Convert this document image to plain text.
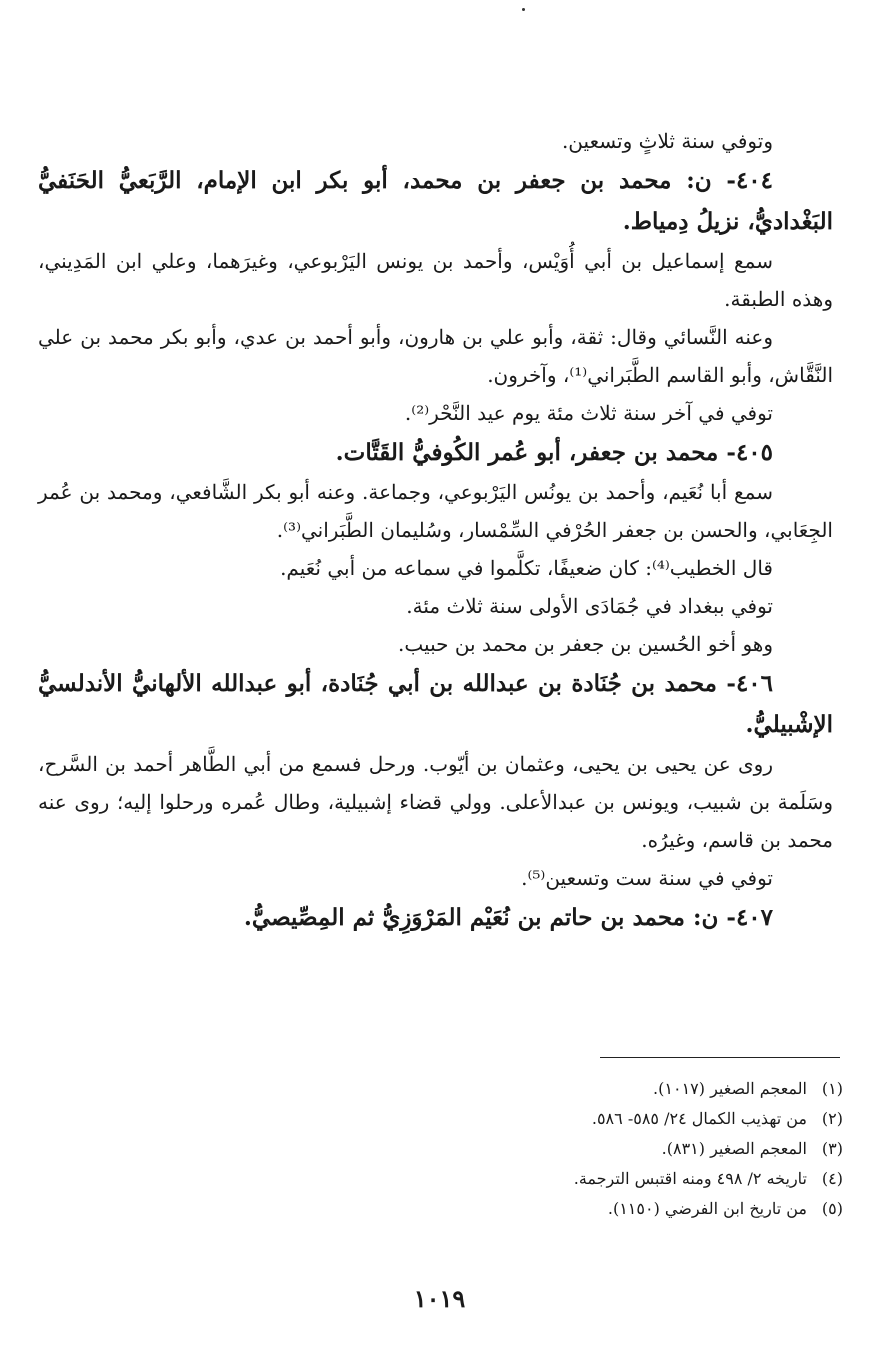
وتوفي سنة ثلاثٍ وتسعين.

٤٠٤- ن: محمد بن جعفر بن محمد، أبو بكر ابن الإمام، الرَّبَعيُّ الحَنَفيُّ البَغْداديُّ، نزيلُ دِمياط.

سمع إسماعيل بن أبي أُوَيْس، وأحمد بن يونس اليَرْبوعي، وغيرَهما، وعلي ابن المَدِيني، وهذه الطبقة.

وعنه النَّسائي وقال: ثقة، وأبو علي بن هارون، وأبو أحمد بن عدي، وأبو بكر محمد بن علي النَّقَّاش، وأبو القاسم الطَّبَراني⁽¹⁾، وآخرون.

توفي في آخر سنة ثلاث مئة يوم عيد النَّحْر⁽²⁾.

٤٠٥- محمد بن جعفر، أبو عُمر الكُوفيُّ القَتَّات.

سمع أبا نُعَيم، وأحمد بن يونُس اليَرْبوعي، وجماعة. وعنه أبو بكر الشَّافعي، ومحمد بن عُمر الجِعَابي، والحسن بن جعفر الحُرْفي السِّمْسار، وسُليمان الطَّبَراني⁽³⁾.

قال الخطيب⁽⁴⁾: كان ضعيفًا، تكلَّموا في سماعه من أبي نُعَيم.

توفي ببغداد في جُمَادَى الأولى سنة ثلاث مئة.

وهو أخو الحُسين بن جعفر بن محمد بن حبيب.

٤٠٦- محمد بن جُنَادة بن عبدالله بن أبي جُنَادة، أبو عبدالله الألهانيُّ الأندلسيُّ الإشْبيليُّ.

روى عن يحيى بن يحيى، وعثمان بن أيّوب. ورحل فسمع من أبي الطَّاهر أحمد بن السَّرح، وسَلَمة بن شبيب، ويونس بن عبدالأعلى. وولي قضاء إشبيلية، وطال عُمره ورحلوا إليه؛ روى عنه محمد بن قاسم، وغيرُه.

توفي في سنة ست وتسعين⁽⁵⁾.

٤٠٧- ن: محمد بن حاتم بن نُعَيْم المَرْوَزِيُّ ثم المِصِّيصيُّ.

(١)المعجم الصغير (١٠١٧).

(٢)من تهذيب الكمال ٢٤/ ٥٨٥- ٥٨٦.

(٣)المعجم الصغير (٨٣١).

(٤)تاريخه ٢/ ٤٩٨ ومنه اقتبس الترجمة.

(٥)من تاريخ ابن الفرضي (١١٥٠).

١٠١٩
